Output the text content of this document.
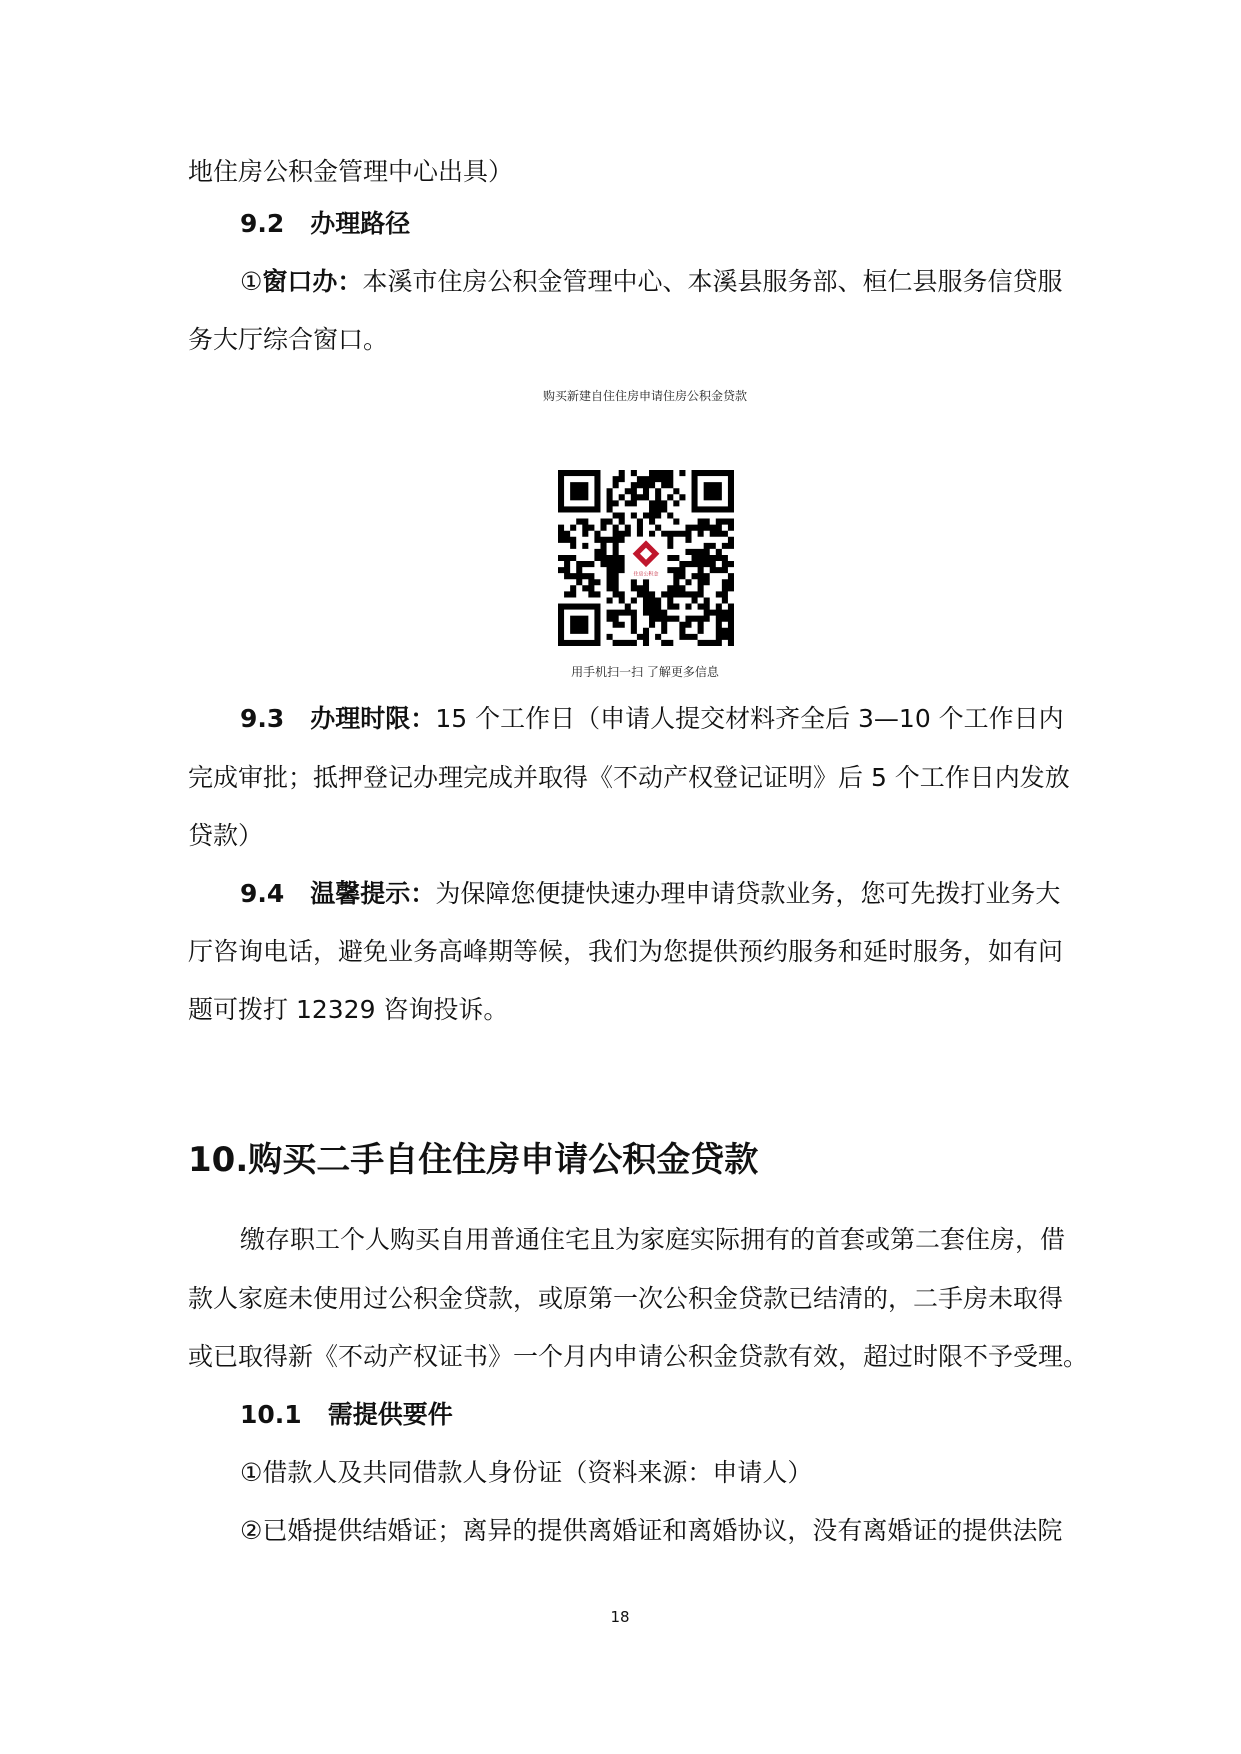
地住房公积金管理中心出具）
9.2 办理路径
①窗口办：本溪市住房公积金管理中心、本溪县服务部、桓仁县服务信贷服
务大厅综合窗口。
购买新建自住住房申请住房公积金贷款
住房公积金
用手机扫一扫 了解更多信息
9.3 办理时限：15 个工作日（申请人提交材料齐全后 3—10 个工作日内
完成审批；抵押登记办理完成并取得《不动产权登记证明》后 5 个工作日内发放
贷款）
9.4 温馨提示：为保障您便捷快速办理申请贷款业务，您可先拨打业务大
厅咨询电话，避免业务高峰期等候，我们为您提供预约服务和延时服务，如有问
题可拨打 12329 咨询投诉。
10.购买二手自住住房申请公积金贷款
缴存职工个人购买自用普通住宅且为家庭实际拥有的首套或第二套住房，借
款人家庭未使用过公积金贷款，或原第一次公积金贷款已结清的，二手房未取得
或已取得新《不动产权证书》一个月内申请公积金贷款有效，超过时限不予受理。
10.1 需提供要件
①借款人及共同借款人身份证（资料来源：申请人）
②已婚提供结婚证；离异的提供离婚证和离婚协议，没有离婚证的提供法院
18
